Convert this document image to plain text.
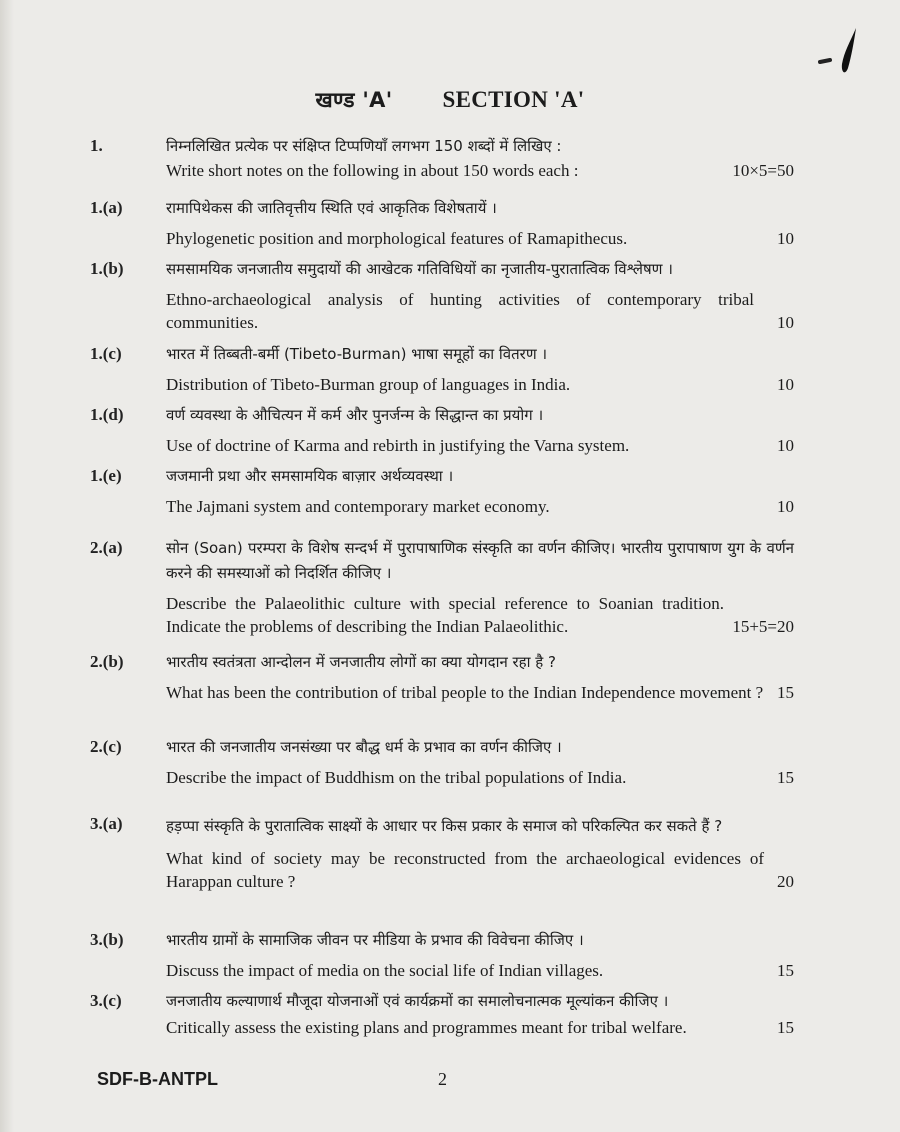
खण्ड 'A' SECTION 'A'
1.	निम्नलिखित प्रत्येक पर संक्षिप्त टिप्पणियाँ लगभग 150 शब्दों में लिखिए :
Write short notes on the following in about 150 words each :	10×5=50
1.(a)	रामापिथेकस की जातिवृत्तीय स्थिति एवं आकृतिक विशेषतायें ।
Phylogenetic position and morphological features of Ramapithecus.	10
1.(b)	समसामयिक जनजातीय समुदायों की आखेटक गतिविधियों का नृजातीय-पुरातात्विक विश्लेषण ।
Ethno-archaeological analysis of hunting activities of contemporary tribal communities.	10
1.(c)	भारत में तिब्बती-बर्मी (Tibeto-Burman) भाषा समूहों का वितरण ।
Distribution of Tibeto-Burman group of languages in India.	10
1.(d)	वर्ण व्यवस्था के औचित्यन में कर्म और पुनर्जन्म के सिद्धान्त का प्रयोग ।
Use of doctrine of Karma and rebirth in justifying the Varna system.	10
1.(e)	जजमानी प्रथा और समसामयिक बाज़ार अर्थव्यवस्था ।
The Jajmani system and contemporary market economy.	10
2.(a)	सोन (Soan) परम्परा के विशेष सन्दर्भ में पुरापाषाणिक संस्कृति का वर्णन कीजिए। भारतीय पुरापाषाण युग के वर्णन करने की समस्याओं को निदर्शित कीजिए ।
Describe the Palaeolithic culture with special reference to Soanian tradition. Indicate the problems of describing the Indian Palaeolithic.	15+5=20
2.(b)	भारतीय स्वतंत्रता आन्दोलन में जनजातीय लोगों का क्या योगदान रहा है ?
What has been the contribution of tribal people to the Indian Independence movement ? 15
2.(c)	भारत की जनजातीय जनसंख्या पर बौद्ध धर्म के प्रभाव का वर्णन कीजिए ।
Describe the impact of Buddhism on the tribal populations of India.	15
3.(a)	हड़प्पा संस्कृति के पुरातात्विक साक्ष्यों के आधार पर किस प्रकार के समाज को परिकल्पित कर सकते हैं ?
What kind of society may be reconstructed from the archaeological evidences of Harappan culture ?	20
3.(b)	भारतीय ग्रामों के सामाजिक जीवन पर मीडिया के प्रभाव की विवेचना कीजिए ।
Discuss the impact of media on the social life of Indian villages.	15
3.(c)	जनजातीय कल्याणार्थ मौजूदा योजनाओं एवं कार्यक्रमों का समालोचनात्मक मूल्यांकन कीजिए ।
Critically assess the existing plans and programmes meant for tribal welfare.	15
SDF-B-ANTPL	2
